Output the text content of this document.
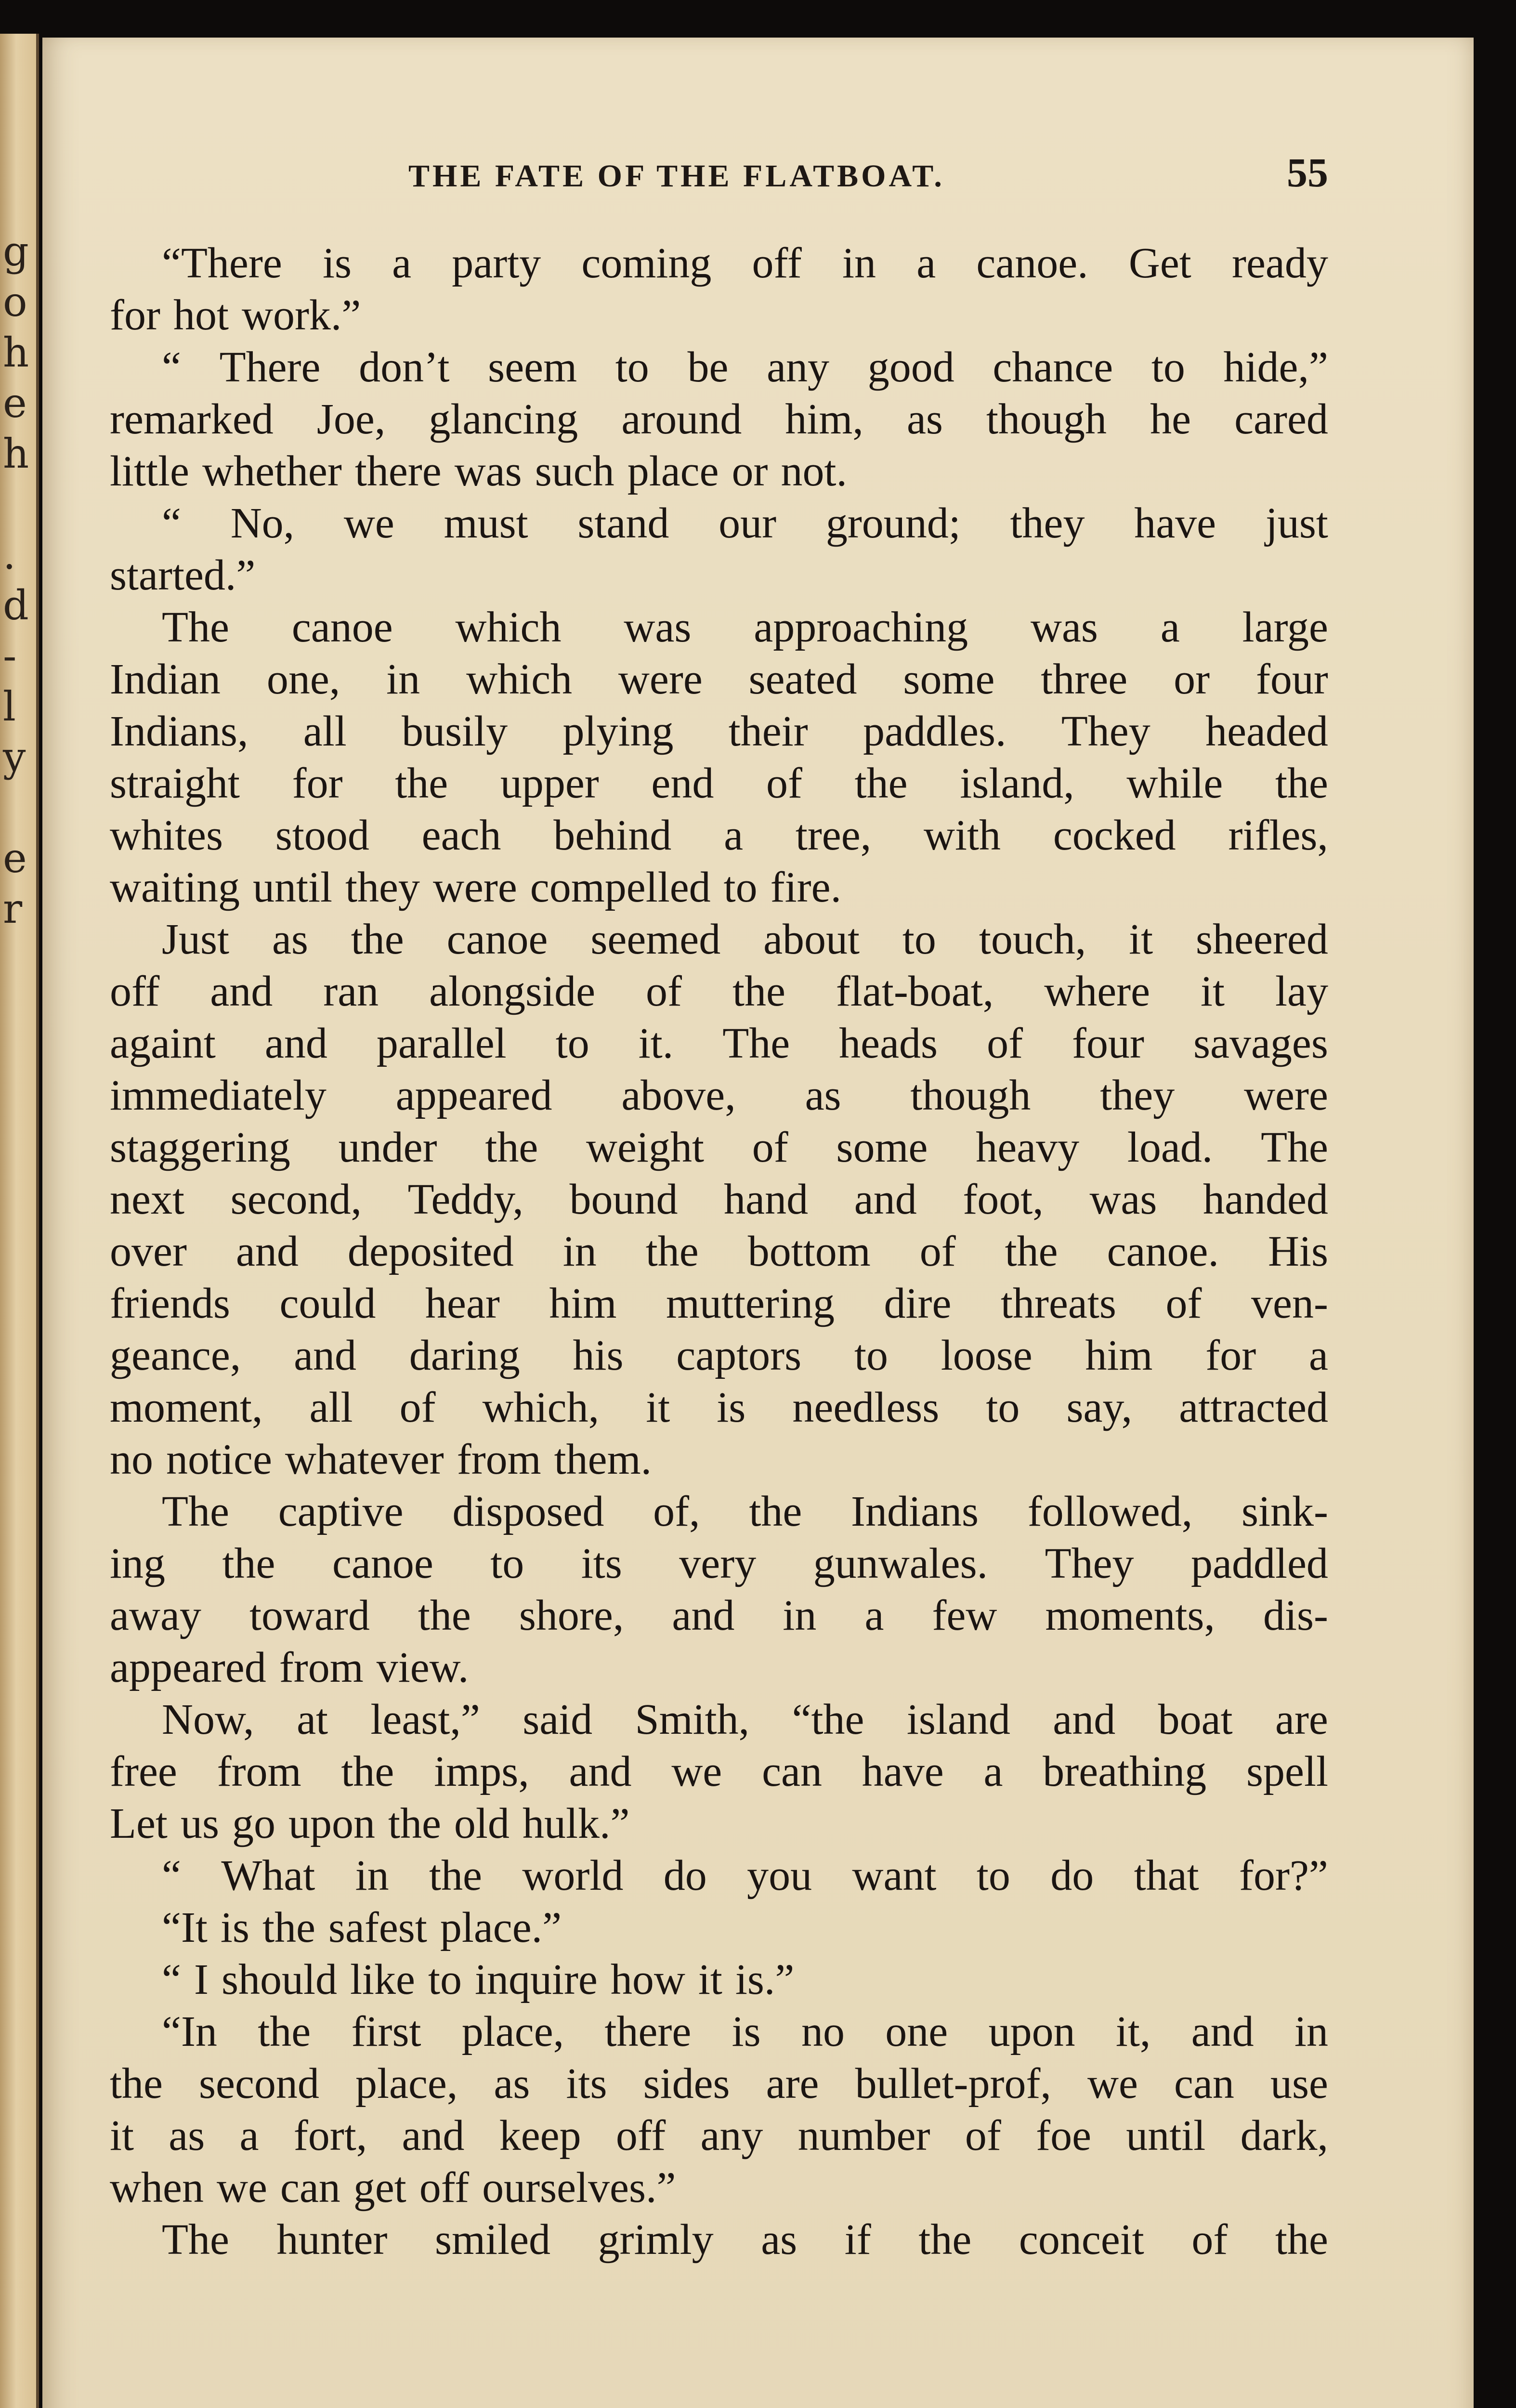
g
o
h
e
h
.
d
-
l
y
e
r
THE FATE OF THE FLATBOAT.	55
“There is a party coming off in a canoe. Get ready
for hot work.”
“ There don’t seem to be any good chance to hide,”
remarked Joe, glancing around him, as though he cared
little whether there was such place or not.
“ No, we must stand our ground; they have just
started.”
The canoe which was approaching was a large
Indian one, in which were seated some three or four
Indians, all busily plying their paddles. They headed
straight for the upper end of the island, while the
whites stood each behind a tree, with cocked rifles,
waiting until they were compelled to fire.
Just as the canoe seemed about to touch, it sheered
off and ran alongside of the flat-boat, where it lay
againt and parallel to it. The heads of four savages
immediately appeared above, as though they were
staggering under the weight of some heavy load. The
next second, Teddy, bound hand and foot, was handed
over and deposited in the bottom of the canoe. His
friends could hear him muttering dire threats of ven-
geance, and daring his captors to loose him for a
moment, all of which, it is needless to say, attracted
no notice whatever from them.
The captive disposed of, the Indians followed, sink-
ing the canoe to its very gunwales. They paddled
away toward the shore, and in a few moments, dis-
appeared from view.
Now, at least,” said Smith, “the island and boat are
free from the imps, and we can have a breathing spell
Let us go upon the old hulk.”
“ What in the world do you want to do that for?”
“It is the safest place.”
“ I should like to inquire how it is.”
“In the first place, there is no one upon it, and in
the second place, as its sides are bullet-prof, we can use
it as a fort, and keep off any number of foe until dark,
when we can get off ourselves.”
The hunter smiled grimly as if the conceit of the
